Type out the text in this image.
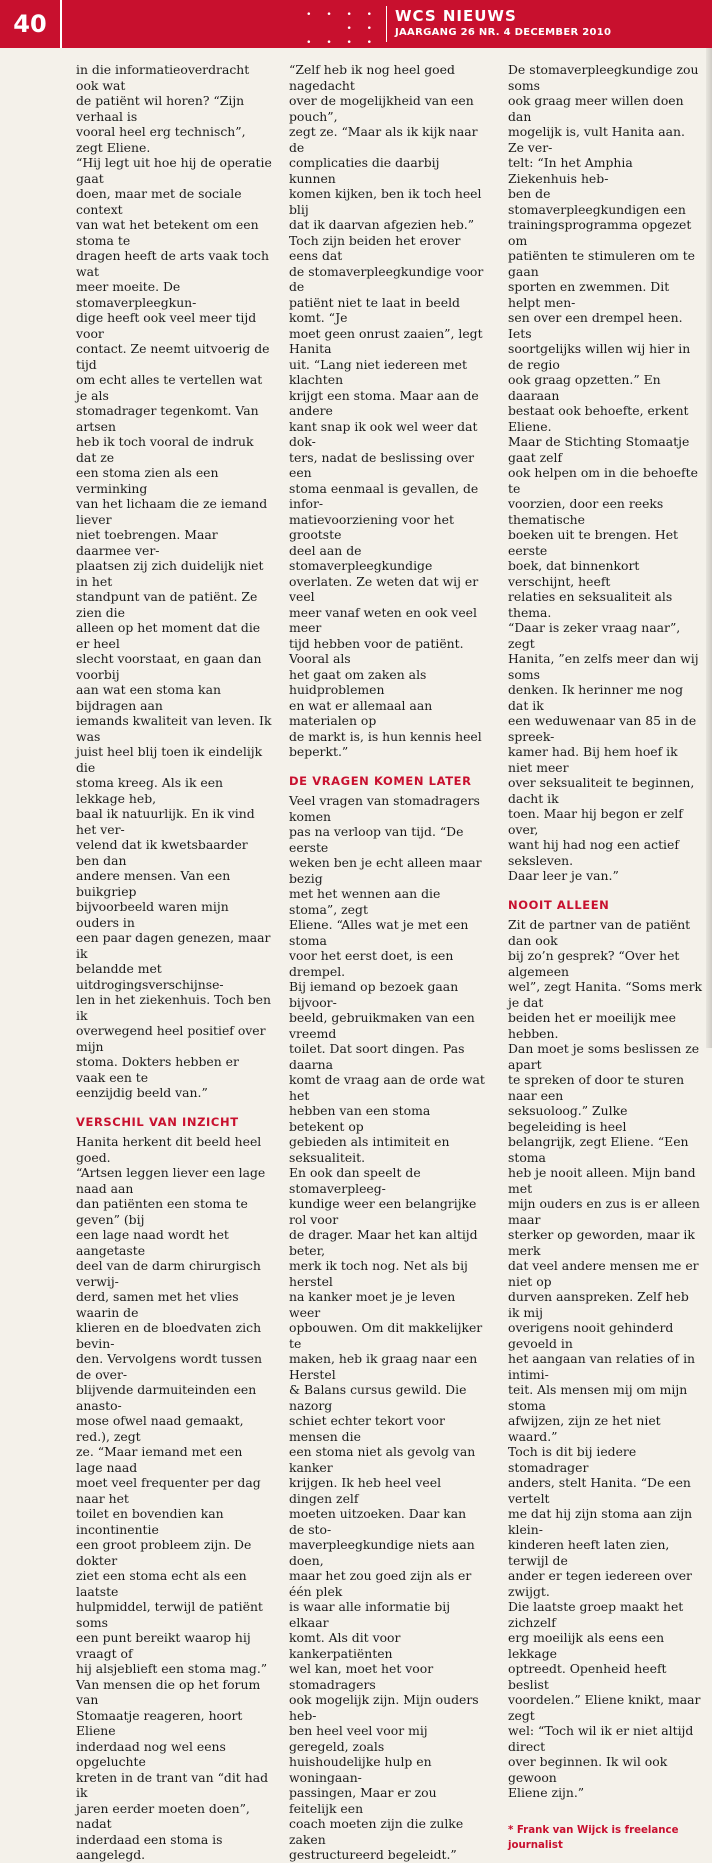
40	• • • • • •
• • • •
WCS NIEUWS
JAARGANG 26 NR. 4 DECEMBER 2010

in die informatieoverdracht ook wat
de patiënt wil horen? “Zijn verhaal is
vooral heel erg technisch”, zegt Eliene.
“Hij legt uit hoe hij de operatie gaat
doen, maar met de sociale context
van wat het betekent om een stoma te
dragen heeft de arts vaak toch wat
meer moeite. De stomaverpleegkun-
dige heeft ook veel meer tijd voor
contact. Ze neemt uitvoerig de tijd
om echt alles te vertellen wat je als
stomadrager tegenkomt. Van artsen
heb ik toch vooral de indruk dat ze
een stoma zien als een verminking
van het lichaam die ze iemand liever
niet toebrengen. Maar daarmee ver-
plaatsen zij zich duidelijk niet in het
standpunt van de patiënt. Ze zien die
alleen op het moment dat die er heel
slecht voorstaat, en gaan dan voorbij
aan wat een stoma kan bijdragen aan
iemands kwaliteit van leven. Ik was
juist heel blij toen ik eindelijk die
stoma kreeg. Als ik een lekkage heb,
baal ik natuurlijk. En ik vind het ver-
velend dat ik kwetsbaarder ben dan
andere mensen. Van een buikgriep
bijvoorbeeld waren mijn ouders in
een paar dagen genezen, maar ik
belandde met uitdrogingsverschijnse-
len in het ziekenhuis. Toch ben ik
overwegend heel positief over mijn
stoma. Dokters hebben er vaak een te
eenzijdig beeld van.”

VERSCHIL VAN INZICHT

Hanita herkent dit beeld heel goed.
“Artsen leggen liever een lage naad aan
dan patiënten een stoma te geven” (bij
een lage naad wordt het aangetaste
deel van de darm chirurgisch verwij-
derd, samen met het vlies waarin de
klieren en de bloedvaten zich bevin-
den. Vervolgens wordt tussen de over-
blijvende darmuiteinden een anasto-
mose ofwel naad gemaakt, red.), zegt
ze. “Maar iemand met een lage naad
moet veel frequenter per dag naar het
toilet en bovendien kan incontinentie
een groot probleem zijn. De dokter
ziet een stoma echt als een laatste
hulpmiddel, terwijl de patiënt soms
een punt bereikt waarop hij vraagt of
hij alsjeblieft een stoma mag.”
Van mensen die op het forum van
Stomaatje reageren, hoort Eliene
inderdaad nog wel eens opgeluchte
kreten in de trant van “dit had ik
jaren eerder moeten doen”, nadat
inderdaad een stoma is aangelegd.

“Zelf heb ik nog heel goed nagedacht
over de mogelijkheid van een pouch”,
zegt ze. “Maar als ik kijk naar de
complicaties die daarbij kunnen
komen kijken, ben ik toch heel blij
dat ik daarvan afgezien heb.”
Toch zijn beiden het erover eens dat
de stomaverpleegkundige voor de
patiënt niet te laat in beeld komt. “Je
moet geen onrust zaaien”, legt Hanita
uit. “Lang niet iedereen met klachten
krijgt een stoma. Maar aan de andere
kant snap ik ook wel weer dat dok-
ters, nadat de beslissing over een
stoma eenmaal is gevallen, de infor-
matievoorziening voor het grootste
deel aan de stomaverpleegkundige
overlaten. Ze weten dat wij er veel
meer vanaf weten en ook veel meer
tijd hebben voor de patiënt. Vooral als
het gaat om zaken als huidproblemen
en wat er allemaal aan materialen op
de markt is, is hun kennis heel beperkt.”

DE VRAGEN KOMEN LATER

Veel vragen van stomadragers komen
pas na verloop van tijd. “De eerste
weken ben je echt alleen maar bezig
met het wennen aan die stoma”, zegt
Eliene. “Alles wat je met een stoma
voor het eerst doet, is een drempel.
Bij iemand op bezoek gaan bijvoor-
beeld, gebruikmaken van een vreemd
toilet. Dat soort dingen. Pas daarna
komt de vraag aan de orde wat het
hebben van een stoma betekent op
gebieden als intimiteit en seksualiteit.
En ook dan speelt de stomaverpleeg-
kundige weer een belangrijke rol voor
de drager. Maar het kan altijd beter,
merk ik toch nog. Net als bij herstel
na kanker moet je je leven weer
opbouwen. Om dit makkelijker te
maken, heb ik graag naar een Herstel
& Balans cursus gewild. Die nazorg
schiet echter tekort voor mensen die
een stoma niet als gevolg van kanker
krijgen. Ik heb heel veel dingen zelf
moeten uitzoeken. Daar kan de sto-
maverpleegkundige niets aan doen,
maar het zou goed zijn als er één plek
is waar alle informatie bij elkaar
komt. Als dit voor kankerpatiënten
wel kan, moet het voor stomadragers
ook mogelijk zijn. Mijn ouders heb-
ben heel veel voor mij geregeld, zoals
huishoudelijke hulp en woningaan-
passingen, Maar er zou feitelijk een
coach moeten zijn die zulke zaken
gestructureerd begeleidt.”

De stomaverpleegkundige zou soms
ook graag meer willen doen dan
mogelijk is, vult Hanita aan. Ze ver-
telt: “In het Amphia Ziekenhuis heb-
ben de stomaverpleegkundigen een
trainingsprogramma opgezet om
patiënten te stimuleren om te gaan
sporten en zwemmen. Dit helpt men-
sen over een drempel heen. Iets
soortgelijks willen wij hier in de regio
ook graag opzetten.” En daaraan
bestaat ook behoefte, erkent Eliene.
Maar de Stichting Stomaatje gaat zelf
ook helpen om in die behoefte te
voorzien, door een reeks thematische
boeken uit te brengen. Het eerste
boek, dat binnenkort verschijnt, heeft
relaties en seksualiteit als thema.
“Daar is zeker vraag naar”, zegt
Hanita, ”en zelfs meer dan wij soms
denken. Ik herinner me nog dat ik
een weduwenaar van 85 in de spreek-
kamer had. Bij hem hoef ik niet meer
over seksualiteit te beginnen, dacht ik
toen. Maar hij begon er zelf over,
want hij had nog een actief seksleven.
Daar leer je van.”

NOOIT ALLEEN

Zit de partner van de patiënt dan ook
bij zo’n gesprek? “Over het algemeen
wel”, zegt Hanita. “Soms merk je dat
beiden het er moeilijk mee hebben.
Dan moet je soms beslissen ze apart
te spreken of door te sturen naar een
seksuoloog.” Zulke begeleiding is heel
belangrijk, zegt Eliene. “Een stoma
heb je nooit alleen. Mijn band met
mijn ouders en zus is er alleen maar
sterker op geworden, maar ik merk
dat veel andere mensen me er niet op
durven aanspreken. Zelf heb ik mij
overigens nooit gehinderd gevoeld in
het aangaan van relaties of in intimi-
teit. Als mensen mij om mijn stoma
afwijzen, zijn ze het niet waard.”
Toch is dit bij iedere stomadrager
anders, stelt Hanita. “De een vertelt
me dat hij zijn stoma aan zijn klein-
kinderen heeft laten zien, terwijl de
ander er tegen iedereen over zwijgt.
Die laatste groep maakt het zichzelf
erg moeilijk als eens een lekkage
optreedt. Openheid heeft beslist
voordelen.” Eliene knikt, maar zegt
wel: “Toch wil ik er niet altijd direct
over beginnen. Ik wil ook gewoon
Eliene zijn.”

* Frank van Wijck is freelance journalist
